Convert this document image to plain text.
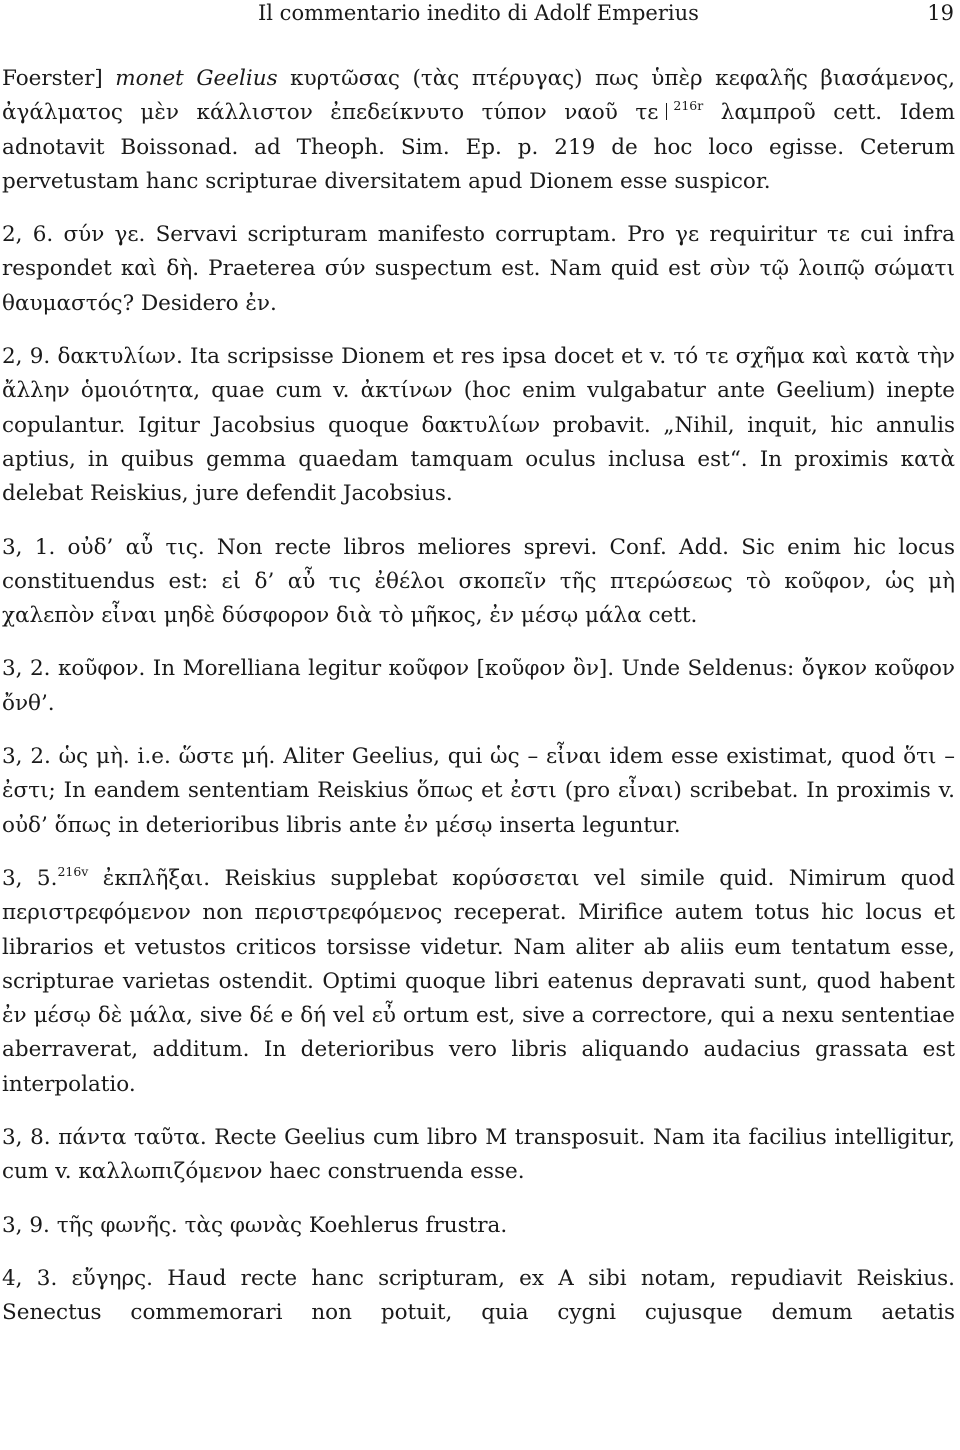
Il commentario inedito di Adolf Emperius	19

Foerster] monet Geelius κυρτῶσας (τὰς πτέρυγας) πως ὑπὲρ κεφαλῆς βιασάμενος, ἀγάλματος μὲν κάλλιστον ἐπεδείκνυτο τύπον ναοῦ τε $^{216r}$ λαμπροῦ cett. Idem adnotavit Boissonad. ad Theoph. Sim. Ep. p. 219 de hoc loco egisse. Ceterum pervetustam hanc scripturae diversitatem apud Dionem esse suspicor.

2, 6. σύν γε. Servavi scripturam manifesto corruptam. Pro γε requiritur τε cui infra respondet καὶ δὴ. Praeterea σύν suspectum est. Nam quid est σὺν τῷ λοιπῷ σώματι θαυμαστός? Desidero ἐν.

2, 9. δακτυλίων. Ita scripsisse Dionem et res ipsa docet et v. τό τε σχῆμα καὶ κατὰ τὴν ἄλλην ὁμοιότητα, quae cum v. ἀκτίνων (hoc enim vulgabatur ante Geelium) inepte copulantur. Igitur Jacobsius quoque δακτυλίων probavit. „Nihil, inquit, hic annulis aptius, in quibus gemma quaedam tamquam oculus inclusa est“. In proximis κατὰ delebat Reiskius, jure defendit Jacobsius.

3, 1. οὐδ’ αὖ τις. Non recte libros meliores sprevi. Conf. Add. Sic enim hic locus constituendus est: εἰ δ’ αὖ τις ἐθέλοι σκοπεῖν τῆς πτερώσεως τὸ κοῦφον, ὡς μὴ χαλεπὸν εἶναι μηδὲ δύσφορον διὰ τὸ μῆκος, ἐν μέσῳ μάλα cett.

3, 2. κοῦφον. In Morelliana legitur κοῦφον [κοῦφον ὂν]. Unde Seldenus: ὄγκον κοῦφον ὄνθ’.

3, 2. ὡς μὴ. i.e. ὥστε μή. Aliter Geelius, qui ὡς – εἶναι idem esse existimat, quod ὅτι – ἐστι; In eandem sententiam Reiskius ὅπως et ἐστι (pro εἶναι) scribebat. In proximis v. οὐδ’ ὅπως in deterioribus libris ante ἐν μέσῳ inserta leguntur.

3, 5.$^{216v}$ ἐκπλῆξαι. Reiskius supplebat κορύσσεται vel simile quid. Nimirum quod περιστρεφόμενον non περιστρεφόμενος receperat. Mirifice autem totus hic locus et librarios et vetustos criticos torsisse videtur. Nam aliter ab aliis eum tentatum esse, scripturae varietas ostendit. Optimi quoque libri eatenus depravati sunt, quod habent ἐν μέσῳ δὲ μάλα, sive δέ e δή vel εὖ ortum est, sive a correctore, qui a nexu sententiae aberraverat, additum. In deterioribus vero libris aliquando audacius grassata est interpolatio.

3, 8. πάντα ταῦτα. Recte Geelius cum libro M transposuit. Nam ita facilius intelligitur, cum v. καλλωπιζόμενον haec construenda esse.

3, 9. τῆς φωνῆς. τὰς φωνὰς Koehlerus frustra.

4, 3. εὔγηρς. Haud recte hanc scripturam, ex A sibi notam, repudiavit Reiskius. Senectus commemorari non potuit, quia cygni cujusque demum aetatis
